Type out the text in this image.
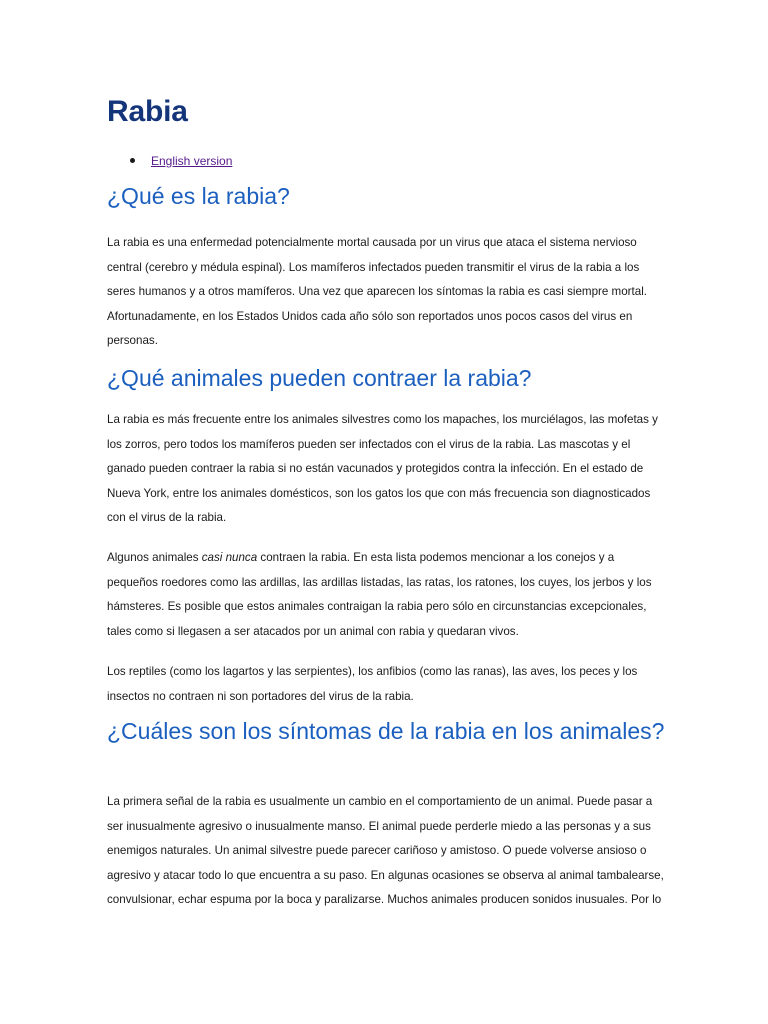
Rabia
English version
¿Qué es la rabia?

La rabia es una enfermedad potencialmente mortal causada por un virus que ataca el sistema nervioso central (cerebro y médula espinal). Los mamíferos infectados pueden transmitir el virus de la rabia a los seres humanos y a otros mamíferos. Una vez que aparecen los síntomas la rabia es casi siempre mortal. Afortunadamente, en los Estados Unidos cada año sólo son reportados unos pocos casos del virus en personas.

¿Qué animales pueden contraer la rabia?

La rabia es más frecuente entre los animales silvestres como los mapaches, los murciélagos, las mofetas y los zorros, pero todos los mamíferos pueden ser infectados con el virus de la rabia. Las mascotas y el ganado pueden contraer la rabia si no están vacunados y protegidos contra la infección. En el estado de Nueva York, entre los animales domésticos, son los gatos los que con más frecuencia son diagnosticados con el virus de la rabia.

Algunos animales casi nunca contraen la rabia. En esta lista podemos mencionar a los conejos y a pequeños roedores como las ardillas, las ardillas listadas, las ratas, los ratones, los cuyes, los jerbos y los hámsteres. Es posible que estos animales contraigan la rabia pero sólo en circunstancias excepcionales, tales como si llegasen a ser atacados por un animal con rabia y quedaran vivos.

Los reptiles (como los lagartos y las serpientes), los anfibios (como las ranas), las aves, los peces y los insectos no contraen ni son portadores del virus de la rabia.

¿Cuáles son los síntomas de la rabia en los animales?

La primera señal de la rabia es usualmente un cambio en el comportamiento de un animal. Puede pasar a ser inusualmente agresivo o inusualmente manso. El animal puede perderle miedo a las personas y a sus enemigos naturales. Un animal silvestre puede parecer cariñoso y amistoso. O puede volverse ansioso o agresivo y atacar todo lo que encuentra a su paso. En algunas ocasiones se observa al animal tambalearse, convulsionar, echar espuma por la boca y paralizarse. Muchos animales producen sonidos inusuales. Por lo
